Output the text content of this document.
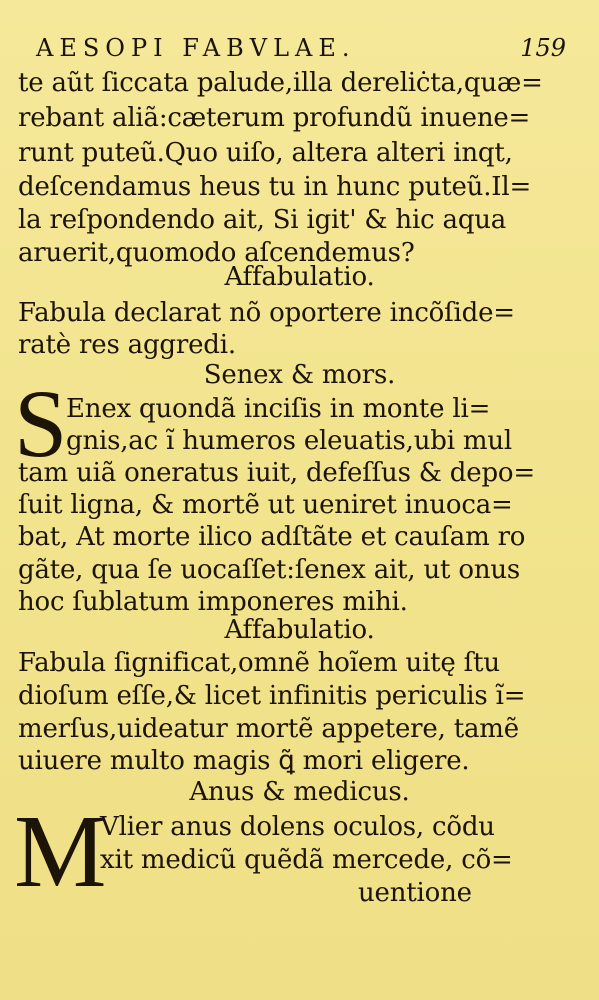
AESOPI FABVLAE.	159
te aũt ſiccata palude,illa dereliċta,quæ=
rebant aliã:cæterum profundũ inuene=
runt puteũ.Quo uiſo, altera alteri inqt,
deſcendamus heus tu in hunc puteũ.Il=
la reſpondendo ait, Si igit' & hic aqua
aruerit,quomodo aſcendemus?
Affabulatio.
Fabula declarat nõ oportere incõſide=
ratè res aggredi.
Senex & mors.
S
Enex quondã inciſis in monte li=
gnis,ac ĩ humeros eleuatis,ubi mul
tam uiã oneratus iuit, defeſſus & depo=
ſuit ligna, & mortẽ ut ueniret inuoca=
bat, At morte ilico adſtãte et cauſam ro
gãte, qua ſe uocaſſet:ſenex ait, ut onus
hoc ſublatum imponeres mihi.
Affabulatio.
Fabula ſignificat,omnẽ hoĩem uitę ſtu
dioſum eſſe,& licet infinitis periculis ĩ=
merſus,uideatur mortẽ appetere, tamẽ
uiuere multo magis ꝗ̃ mori eligere.
Anus & medicus.
M
Vlier anus dolens oculos, cõdu
xit medicũ quẽdã mercede, cõ=
uentione
